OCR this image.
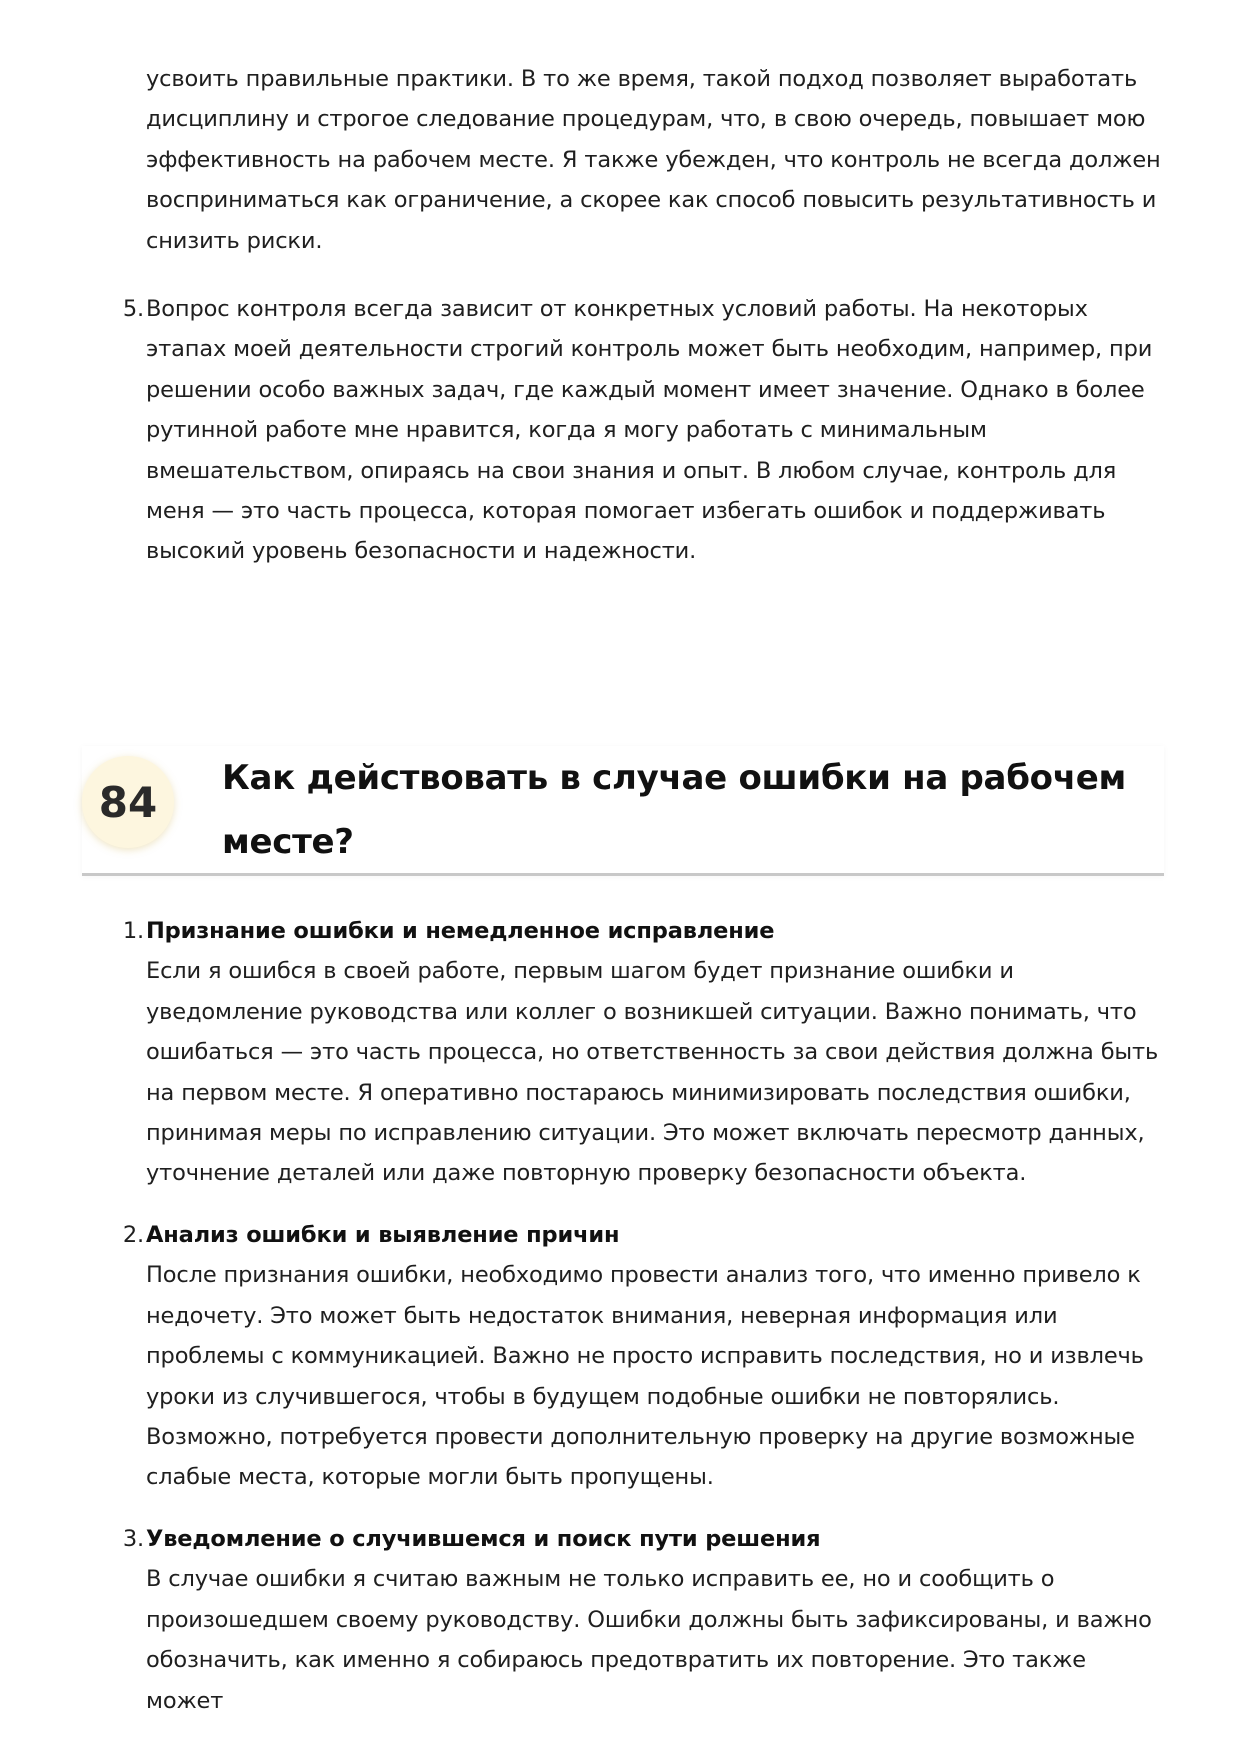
усвоить правильные практики. В то же время, такой подход позволяет выработать дисциплину и строгое следование процедурам, что, в свою очередь, повышает мою эффективность на рабочем месте. Я также убежден, что контроль не всегда должен восприниматься как ограничение, а скорее как способ повысить результативность и снизить риски.
5. Вопрос контроля всегда зависит от конкретных условий работы. На некоторых этапах моей деятельности строгий контроль может быть необходим, например, при решении особо важных задач, где каждый момент имеет значение. Однако в более рутинной работе мне нравится, когда я могу работать с минимальным вмешательством, опираясь на свои знания и опыт. В любом случае, контроль для меня — это часть процесса, которая помогает избегать ошибок и поддерживать высокий уровень безопасности и надежности.
84	Как действовать в случае ошибки на рабочем месте?
1. Признание ошибки и немедленное исправление
Если я ошибся в своей работе, первым шагом будет признание ошибки и уведомление руководства или коллег о возникшей ситуации. Важно понимать, что ошибаться — это часть процесса, но ответственность за свои действия должна быть на первом месте. Я оперативно постараюсь минимизировать последствия ошибки, принимая меры по исправлению ситуации. Это может включать пересмотр данных, уточнение деталей или даже повторную проверку безопасности объекта.
2. Анализ ошибки и выявление причин
После признания ошибки, необходимо провести анализ того, что именно привело к недочету. Это может быть недостаток внимания, неверная информация или проблемы с коммуникацией. Важно не просто исправить последствия, но и извлечь уроки из случившегося, чтобы в будущем подобные ошибки не повторялись. Возможно, потребуется провести дополнительную проверку на другие возможные слабые места, которые могли быть пропущены.
3. Уведомление о случившемся и поиск пути решения
В случае ошибки я считаю важным не только исправить ее, но и сообщить о произошедшем своему руководству. Ошибки должны быть зафиксированы, и важно обозначить, как именно я собираюсь предотвратить их повторение. Это также может
